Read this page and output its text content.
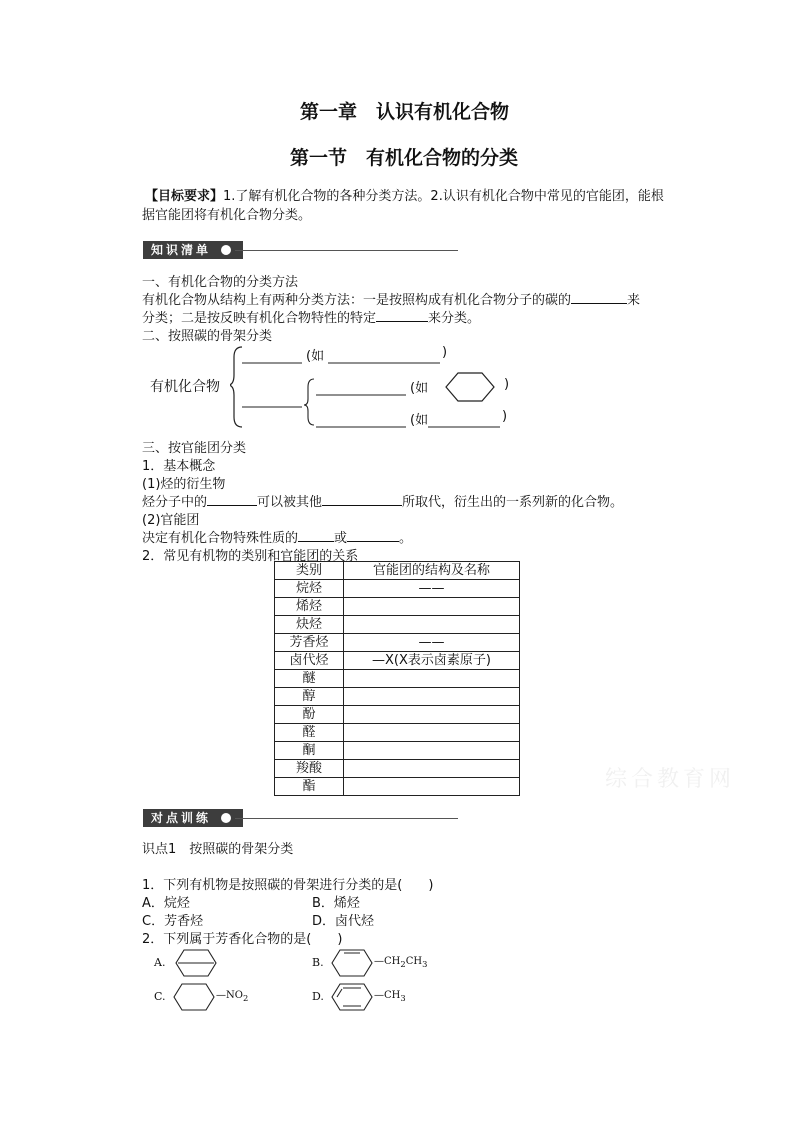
第一章　认识有机化合物
第一节　有机化合物的分类
【目标要求】1.了解有机化合物的各种分类方法。2.认识有机化合物中常见的官能团，能根
据官能团将有机化合物分类。
知识清单
一、有机化合物的分类方法
有机化合物从结构上有两种分类方法：一是按照构成有机化合物分子的碳的	来
分类；二是按反映有机化合物特性的特定	来分类。
二、按照碳的骨架分类
有机化合物
(如	)
(如	)
(如	)
三、按官能团分类
1．基本概念
(1)烃的衍生物
烃分子中的	可以被其他	所取代，衍生出的一系列新的化合物。
(2)官能团
决定有机化合物特殊性质的	或	。
2．常见有机物的类别和官能团的关系
类别	官能团的结构及名称
烷烃	——
烯烃	
炔烃	
芳香烃	——
卤代烃	—X(X表示卤素原子)
醚	
醇	
酚	
醛	
酮	
羧酸	
酯		综合教育网
对点训练
识点1　按照碳的骨架分类
1．下列有机物是按照碳的骨架进行分类的是(　　)
A．烷烃	B．烯烃
C．芳香烃	D．卤代烃
2．下列属于芳香化合物的是(　　)
A.	B.	$—CH_2CH_3$
C.	$—NO_2$	D.	$—CH_3$
